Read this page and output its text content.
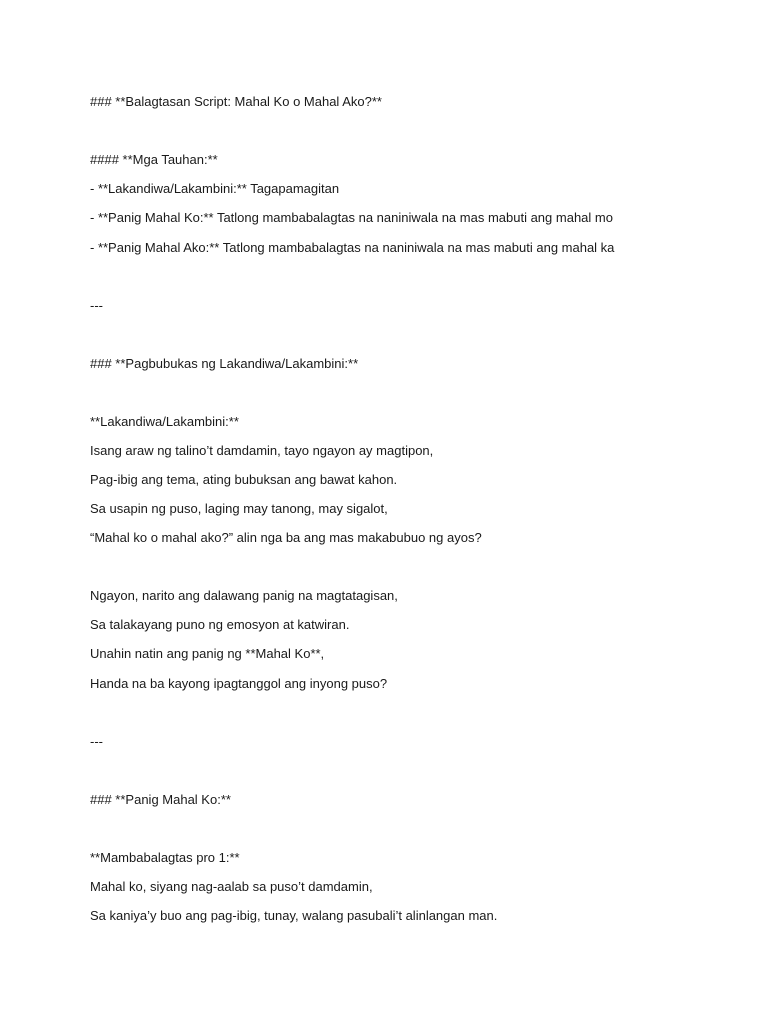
### **Balagtasan Script: Mahal Ko o Mahal Ako?**
#### **Mga Tauhan:**
- **Lakandiwa/Lakambini:** Tagapamagitan
- **Panig Mahal Ko:** Tatlong mambabalagtas na naniniwala na mas mabuti ang mahal mo
- **Panig Mahal Ako:** Tatlong mambabalagtas na naniniwala na mas mabuti ang mahal ka
---
### **Pagbubukas ng Lakandiwa/Lakambini:**
**Lakandiwa/Lakambini:**
Isang araw ng talino’t damdamin, tayo ngayon ay magtipon,
Pag-ibig ang tema, ating bubuksan ang bawat kahon.
Sa usapin ng puso, laging may tanong, may sigalot,
“Mahal ko o mahal ako?” alin nga ba ang mas makabubuo ng ayos?
Ngayon, narito ang dalawang panig na magtatagisan,
Sa talakayang puno ng emosyon at katwiran.
Unahin natin ang panig ng **Mahal Ko**,
Handa na ba kayong ipagtanggol ang inyong puso?
---
### **Panig Mahal Ko:**
**Mambabalagtas pro 1:**
Mahal ko, siyang nag-aalab sa puso’t damdamin,
Sa kaniya’y buo ang pag-ibig, tunay, walang pasubali’t alinlangan man.
